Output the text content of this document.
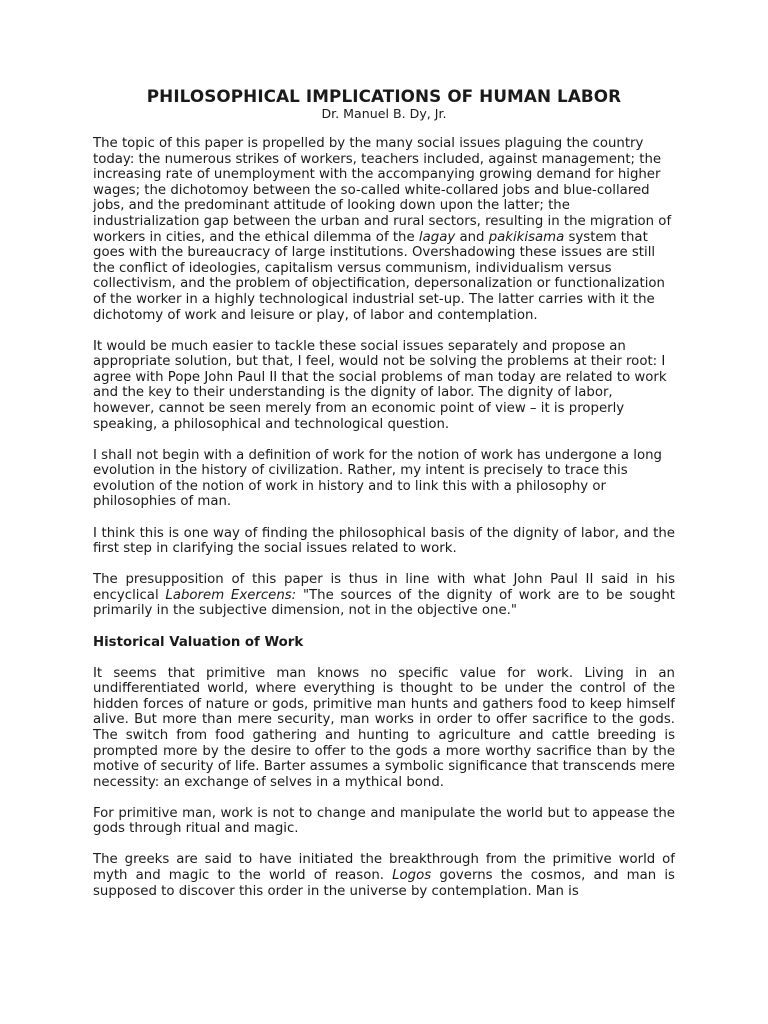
PHILOSOPHICAL IMPLICATIONS OF HUMAN LABOR
Dr. Manuel B. Dy, Jr.

The topic of this paper is propelled by the many social issues plaguing the country today: the numerous strikes of workers, teachers included, against management; the increasing rate of unemployment with the accompanying growing demand for higher wages; the dichotomoy between the so-called white-collared jobs and blue-collared jobs, and the predominant attitude of looking down upon the latter; the industrialization gap between the urban and rural sectors, resulting in the migration of workers in cities, and the ethical dilemma of the lagay and pakikisama system that goes with the bureaucracy of large institutions. Overshadowing these issues are still the conflict of ideologies, capitalism versus communism, individualism versus collectivism, and the problem of objectification, depersonalization or functionalization of the worker in a highly technological industrial set-up. The latter carries with it the dichotomy of work and leisure or play, of labor and contemplation.

It would be much easier to tackle these social issues separately and propose an appropriate solution, but that, I feel, would not be solving the problems at their root: I agree with Pope John Paul II that the social problems of man today are related to work and the key to their understanding is the dignity of labor. The dignity of labor, however, cannot be seen merely from an economic point of view – it is properly speaking, a philosophical and technological question.

I shall not begin with a definition of work for the notion of work has undergone a long evolution in the history of civilization. Rather, my intent is precisely to trace this evolution of the notion of work in history and to link this with a philosophy or philosophies of man.

I think this is one way of finding the philosophical basis of the dignity of labor, and the first step in clarifying the social issues related to work.

The presupposition of this paper is thus in line with what John Paul II said in his encyclical Laborem Exercens: "The sources of the dignity of work are to be sought primarily in the subjective dimension, not in the objective one."

Historical Valuation of Work

It seems that primitive man knows no specific value for work. Living in an undifferentiated world, where everything is thought to be under the control of the hidden forces of nature or gods, primitive man hunts and gathers food to keep himself alive. But more than mere security, man works in order to offer sacrifice to the gods. The switch from food gathering and hunting to agriculture and cattle breeding is prompted more by the desire to offer to the gods a more worthy sacrifice than by the motive of security of life. Barter assumes a symbolic significance that transcends mere necessity: an exchange of selves in a mythical bond.

For primitive man, work is not to change and manipulate the world but to appease the gods through ritual and magic.

The greeks are said to have initiated the breakthrough from the primitive world of myth and magic to the world of reason. Logos governs the cosmos, and man is supposed to discover this order in the universe by contemplation. Man is
